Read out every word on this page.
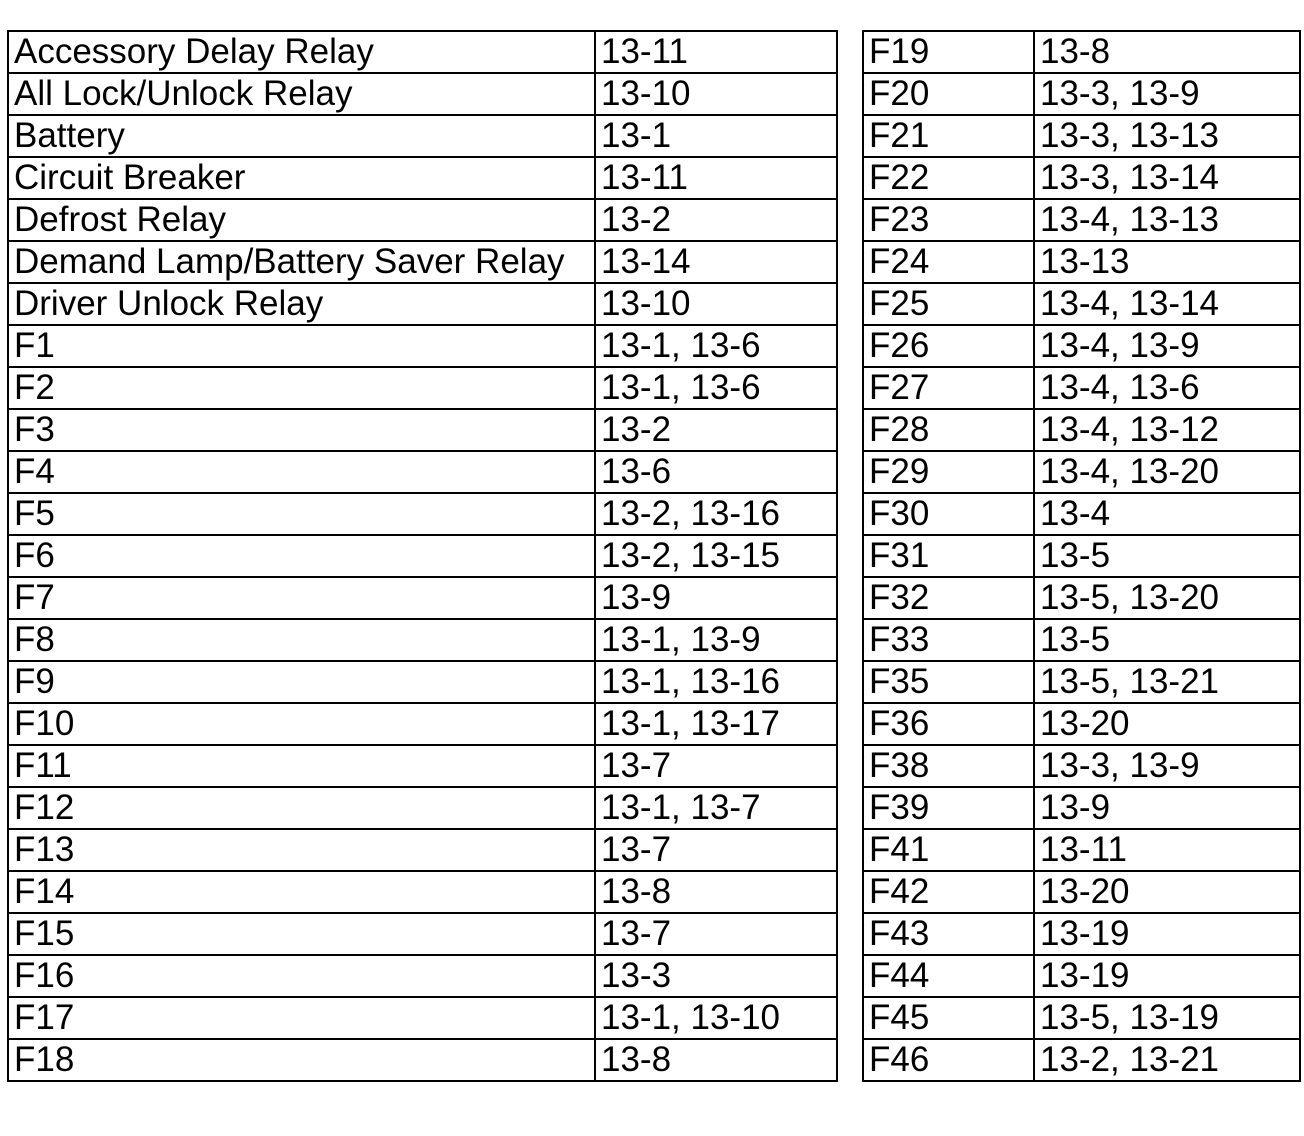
Accessory Delay Relay	13-11
All Lock/Unlock Relay	13-10
Battery	13-1
Circuit Breaker	13-11
Defrost Relay	13-2
Demand Lamp/Battery Saver Relay	13-14
Driver Unlock Relay	13-10
F1	13-1, 13-6
F2	13-1, 13-6
F3	13-2
F4	13-6
F5	13-2, 13-16
F6	13-2, 13-15
F7	13-9
F8	13-1, 13-9
F9	13-1, 13-16
F10	13-1, 13-17
F11	13-7
F12	13-1, 13-7
F13	13-7
F14	13-8
F15	13-7
F16	13-3
F17	13-1, 13-10
F18	13-8
F19	13-8
F20	13-3, 13-9
F21	13-3, 13-13
F22	13-3, 13-14
F23	13-4, 13-13
F24	13-13
F25	13-4, 13-14
F26	13-4, 13-9
F27	13-4, 13-6
F28	13-4, 13-12
F29	13-4, 13-20
F30	13-4
F31	13-5
F32	13-5, 13-20
F33	13-5
F35	13-5, 13-21
F36	13-20
F38	13-3, 13-9
F39	13-9
F41	13-11
F42	13-20
F43	13-19
F44	13-19
F45	13-5, 13-19
F46	13-2, 13-21
